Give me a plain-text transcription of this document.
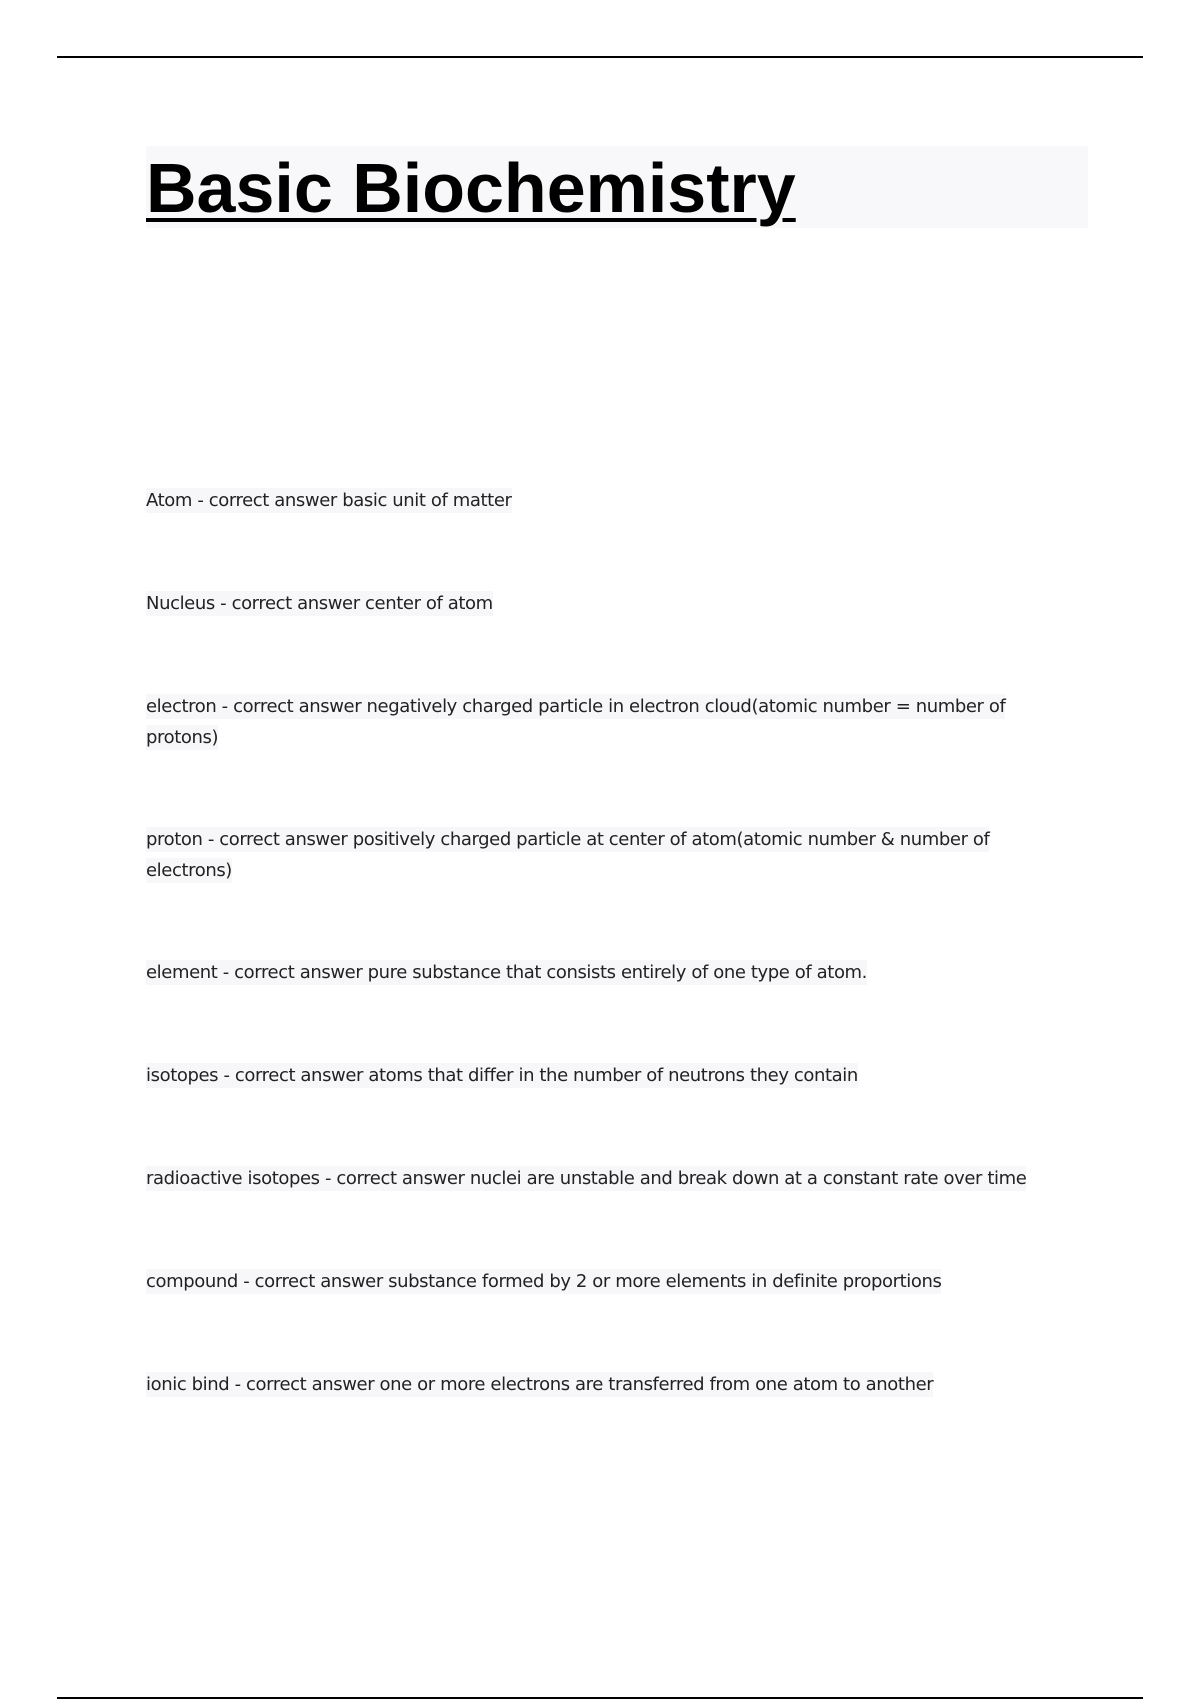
Basic Biochemistry

Atom - correct answer basic unit of matter

Nucleus - correct answer center of atom

electron - correct answer negatively charged particle in electron cloud(atomic number = number of protons)

proton - correct answer positively charged particle at center of atom(atomic number & number of electrons)

element - correct answer pure substance that consists entirely of one type of atom.

isotopes - correct answer atoms that differ in the number of neutrons they contain

radioactive isotopes - correct answer nuclei are unstable and break down at a constant rate over time

compound - correct answer substance formed by 2 or more elements in definite proportions

ionic bind - correct answer one or more electrons are transferred from one atom to another
